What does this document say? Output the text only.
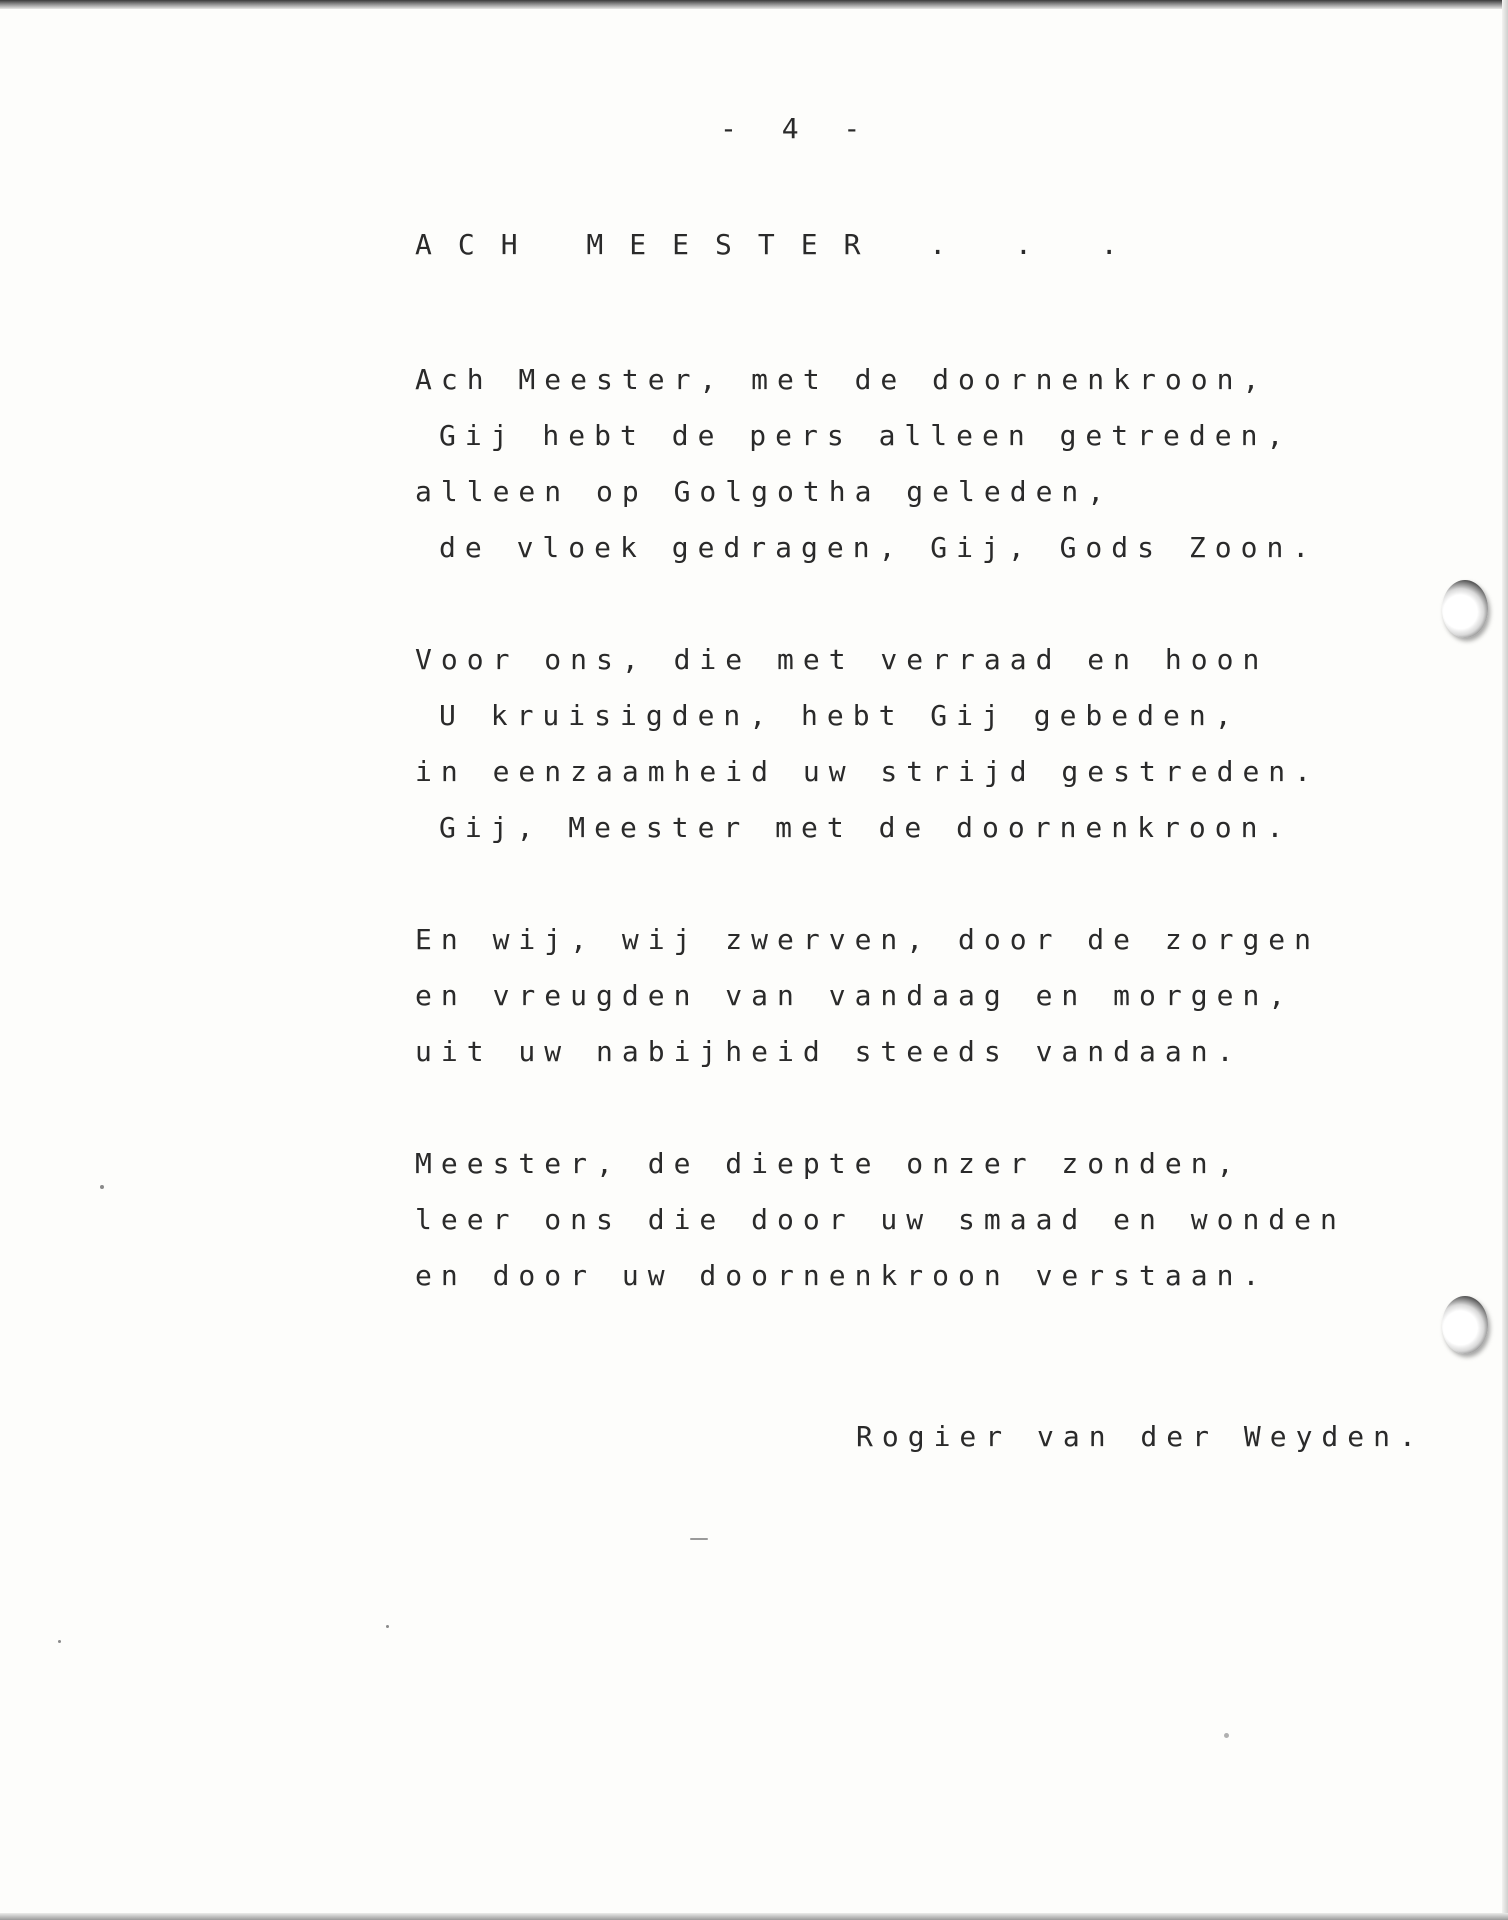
- 4 -

ACH MEESTER . . .

Ach Meester, met de doornenkroon,
Gij hebt de pers alleen getreden,
alleen op Golgotha geleden,
de vloek gedragen, Gij, Gods Zoon.
Voor ons, die met verraad en hoon
U kruisigden, hebt Gij gebeden,
in eenzaamheid uw strijd gestreden.
Gij, Meester met de doornenkroon.
En wij, wij zwerven, door de zorgen
en vreugden van vandaag en morgen,
uit uw nabijheid steeds vandaan.
Meester, de diepte onzer zonden,
leer ons die door uw smaad en wonden
en door uw doornenkroon verstaan.

Rogier van der Weyden.
